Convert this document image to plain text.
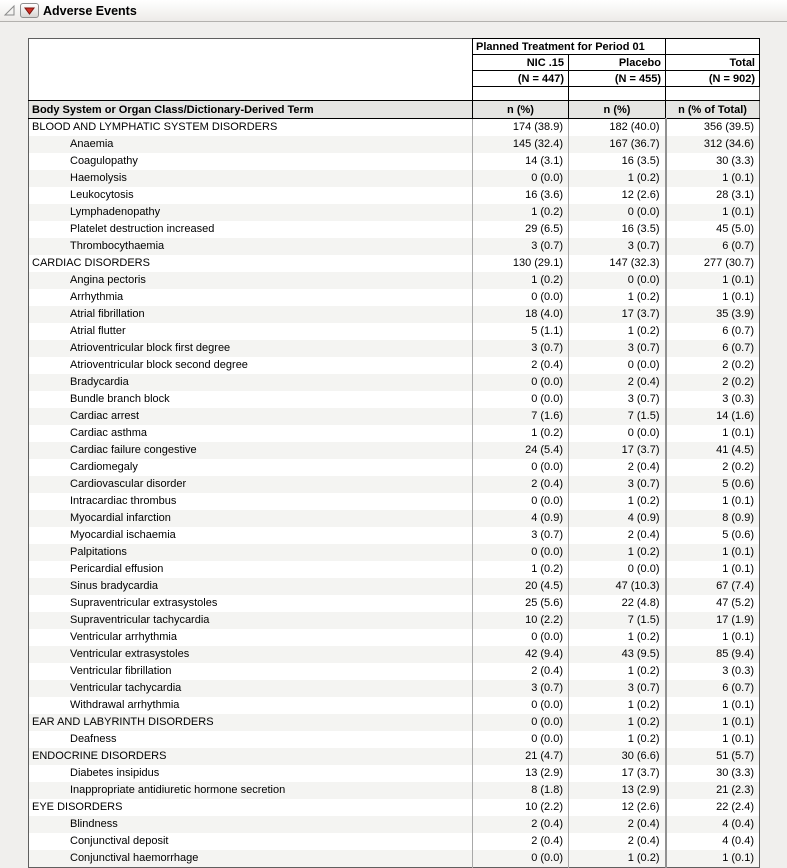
Adverse Events
	Planned Treatment for Period 01		
	NIC .15	Placebo	Total
	(N = 447)	(N = 455)	(N = 902)

Body System or Organ Class/Dictionary-Derived Term	n (%)	n (%)	n (% of Total)
BLOOD AND LYMPHATIC SYSTEM DISORDERS	174 (38.9)	182 (40.0)	356 (39.5)
Anaemia	145 (32.4)	167 (36.7)	312 (34.6)
Coagulopathy	14 (3.1)	16 (3.5)	30 (3.3)
Haemolysis	0 (0.0)	1 (0.2)	1 (0.1)
Leukocytosis	16 (3.6)	12 (2.6)	28 (3.1)
Lymphadenopathy	1 (0.2)	0 (0.0)	1 (0.1)
Platelet destruction increased	29 (6.5)	16 (3.5)	45 (5.0)
Thrombocythaemia	3 (0.7)	3 (0.7)	6 (0.7)
CARDIAC DISORDERS	130 (29.1)	147 (32.3)	277 (30.7)
Angina pectoris	1 (0.2)	0 (0.0)	1 (0.1)
Arrhythmia	0 (0.0)	1 (0.2)	1 (0.1)
Atrial fibrillation	18 (4.0)	17 (3.7)	35 (3.9)
Atrial flutter	5 (1.1)	1 (0.2)	6 (0.7)
Atrioventricular block first degree	3 (0.7)	3 (0.7)	6 (0.7)
Atrioventricular block second degree	2 (0.4)	0 (0.0)	2 (0.2)
Bradycardia	0 (0.0)	2 (0.4)	2 (0.2)
Bundle branch block	0 (0.0)	3 (0.7)	3 (0.3)
Cardiac arrest	7 (1.6)	7 (1.5)	14 (1.6)
Cardiac asthma	1 (0.2)	0 (0.0)	1 (0.1)
Cardiac failure congestive	24 (5.4)	17 (3.7)	41 (4.5)
Cardiomegaly	0 (0.0)	2 (0.4)	2 (0.2)
Cardiovascular disorder	2 (0.4)	3 (0.7)	5 (0.6)
Intracardiac thrombus	0 (0.0)	1 (0.2)	1 (0.1)
Myocardial infarction	4 (0.9)	4 (0.9)	8 (0.9)
Myocardial ischaemia	3 (0.7)	2 (0.4)	5 (0.6)
Palpitations	0 (0.0)	1 (0.2)	1 (0.1)
Pericardial effusion	1 (0.2)	0 (0.0)	1 (0.1)
Sinus bradycardia	20 (4.5)	47 (10.3)	67 (7.4)
Supraventricular extrasystoles	25 (5.6)	22 (4.8)	47 (5.2)
Supraventricular tachycardia	10 (2.2)	7 (1.5)	17 (1.9)
Ventricular arrhythmia	0 (0.0)	1 (0.2)	1 (0.1)
Ventricular extrasystoles	42 (9.4)	43 (9.5)	85 (9.4)
Ventricular fibrillation	2 (0.4)	1 (0.2)	3 (0.3)
Ventricular tachycardia	3 (0.7)	3 (0.7)	6 (0.7)
Withdrawal arrhythmia	0 (0.0)	1 (0.2)	1 (0.1)
EAR AND LABYRINTH DISORDERS	0 (0.0)	1 (0.2)	1 (0.1)
Deafness	0 (0.0)	1 (0.2)	1 (0.1)
ENDOCRINE DISORDERS	21 (4.7)	30 (6.6)	51 (5.7)
Diabetes insipidus	13 (2.9)	17 (3.7)	30 (3.3)
Inappropriate antidiuretic hormone secretion	8 (1.8)	13 (2.9)	21 (2.3)
EYE DISORDERS	10 (2.2)	12 (2.6)	22 (2.4)
Blindness	2 (0.4)	2 (0.4)	4 (0.4)
Conjunctival deposit	2 (0.4)	2 (0.4)	4 (0.4)
Conjunctival haemorrhage	0 (0.0)	1 (0.2)	1 (0.1)
